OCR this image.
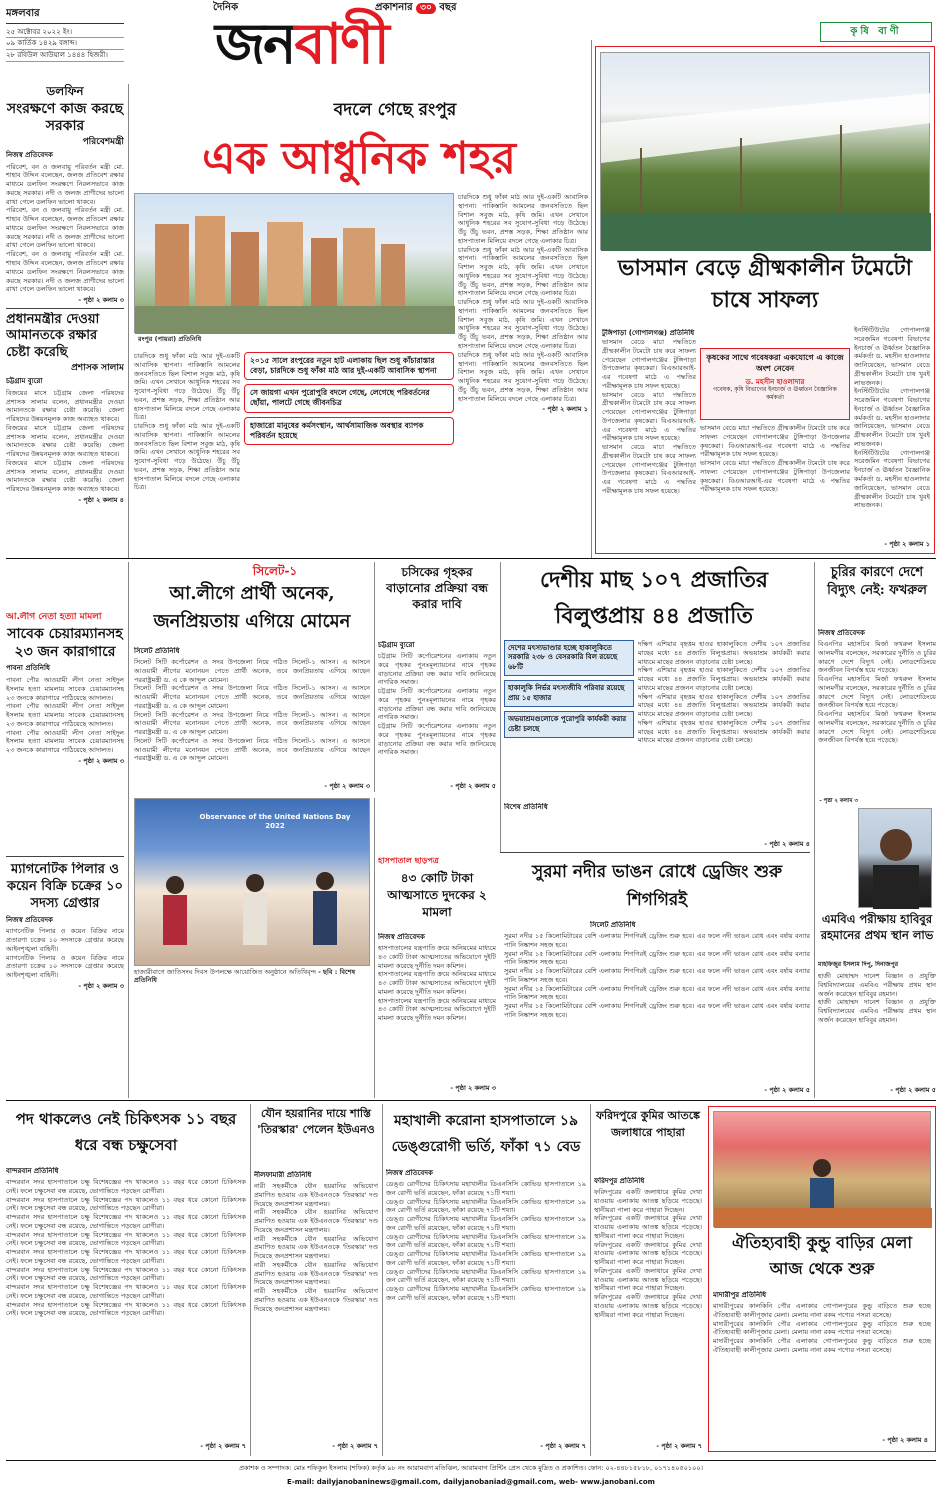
মঙ্গলবার
২৫ অক্টোবর ২০২২ ইং।
০৯ কার্তিক ১৪২৯ বঙ্গাব্দ।
২৮ রবিউল আউয়াল ১৪৪৪ হিজরী।
দৈনিক	প্রকাশনার ৩০ বছর
জনবাণী	কৃষি বাণী
ডলফিন
সংরক্ষণে কাজ করছে সরকার
পরিবেশমন্ত্রী
নিজস্ব প্রতিবেদক

পরিবেশ, বন ও জলবায়ু পরিবর্তন মন্ত্রী মো. শাহাব উদ্দিন বলেছেন, জলজ প্রতিবেশ রক্ষার মাধ্যমে ডলফিন সংরক্ষণে নিরলসভাবে কাজ করছে সরকার। নদী ও জলজ প্রাণীদের ভালো রাখা গেলে ডলফিন ভালো থাকবে।

পরিবেশ, বন ও জলবায়ু পরিবর্তন মন্ত্রী মো. শাহাব উদ্দিন বলেছেন, জলজ প্রতিবেশ রক্ষার মাধ্যমে ডলফিন সংরক্ষণে নিরলসভাবে কাজ করছে সরকার। নদী ও জলজ প্রাণীদের ভালো রাখা গেলে ডলফিন ভালো থাকবে।

পরিবেশ, বন ও জলবায়ু পরিবর্তন মন্ত্রী মো. শাহাব উদ্দিন বলেছেন, জলজ প্রতিবেশ রক্ষার মাধ্যমে ডলফিন সংরক্ষণে নিরলসভাবে কাজ করছে সরকার। নদী ও জলজ প্রাণীদের ভালো রাখা গেলে ডলফিন ভালো থাকবে।

- পৃষ্ঠা ২ কলাম ৩
প্রধানমন্ত্রীর দেওয়া আমানতকে রক্ষার চেষ্টা করেছি
প্রশাসক সালাম
চট্টগ্রাম ব্যুরো

বিজয়ের মাসে চট্টগ্রাম জেলা পরিষদের প্রশাসক সালাম বলেন, প্রধানমন্ত্রীর দেওয়া আমানতকে রক্ষার চেষ্টা করেছি। জেলা পরিষদের উন্নয়নমূলক কাজ অব্যাহত থাকবে।

বিজয়ের মাসে চট্টগ্রাম জেলা পরিষদের প্রশাসক সালাম বলেন, প্রধানমন্ত্রীর দেওয়া আমানতকে রক্ষার চেষ্টা করেছি। জেলা পরিষদের উন্নয়নমূলক কাজ অব্যাহত থাকবে।

বিজয়ের মাসে চট্টগ্রাম জেলা পরিষদের প্রশাসক সালাম বলেন, প্রধানমন্ত্রীর দেওয়া আমানতকে রক্ষার চেষ্টা করেছি। জেলা পরিষদের উন্নয়নমূলক কাজ অব্যাহত থাকবে।

- পৃষ্ঠা ২ কলাম ৪
বদলে গেছে রংপুর
এক আধুনিক শহর
রংপুর (পায়রা) প্রতিনিধি
২০১৫ সালে রংপুরের নতুন হাট এলাকায় ছিল শুধু কাঁচারাস্তার বেড়া, চারদিকে শুধু ফাঁকা মাঠ আর দুই-একটি আবাসিক স্থাপনা
সে জায়গা এখন পুরোপুরি বদলে গেছে, লেগেছে পরিবর্তনের ছোঁয়া, পালটে গেছে জীবনচিত্র
হাজারো মানুষের কর্মসংস্থান, আর্থসামাজিক অবস্থার ব্যাপক পরিবর্তন হয়েছে

চারদিকে শুধু ফাঁকা মাঠ আর দুই-একটি আবাসিক স্থাপনা। পাকিস্তানি আমলের জনবসতিতে ছিল বিশাল সবুজ মাঠ, কৃষি জমি। এখন সেখানে আধুনিক শহরের সব সুযোগ-সুবিধা গড়ে উঠেছে। উঁচু উঁচু ভবন, প্রশস্ত সড়ক, শিক্ষা প্রতিষ্ঠান আর হাসপাতাল মিলিয়ে বদলে গেছে এলাকার চিত্র।

চারদিকে শুধু ফাঁকা মাঠ আর দুই-একটি আবাসিক স্থাপনা। পাকিস্তানি আমলের জনবসতিতে ছিল বিশাল সবুজ মাঠ, কৃষি জমি। এখন সেখানে আধুনিক শহরের সব সুযোগ-সুবিধা গড়ে উঠেছে। উঁচু উঁচু ভবন, প্রশস্ত সড়ক, শিক্ষা প্রতিষ্ঠান আর হাসপাতাল মিলিয়ে বদলে গেছে এলাকার চিত্র।

চারদিকে শুধু ফাঁকা মাঠ আর দুই-একটি আবাসিক স্থাপনা। পাকিস্তানি আমলের জনবসতিতে ছিল বিশাল সবুজ মাঠ, কৃষি জমি। এখন সেখানে আধুনিক শহরের সব সুযোগ-সুবিধা গড়ে উঠেছে। উঁচু উঁচু ভবন, প্রশস্ত সড়ক, শিক্ষা প্রতিষ্ঠান আর হাসপাতাল মিলিয়ে বদলে গেছে এলাকার চিত্র।

চারদিকে শুধু ফাঁকা মাঠ আর দুই-একটি আবাসিক স্থাপনা। পাকিস্তানি আমলের জনবসতিতে ছিল বিশাল সবুজ মাঠ, কৃষি জমি। এখন সেখানে আধুনিক শহরের সব সুযোগ-সুবিধা গড়ে উঠেছে। উঁচু উঁচু ভবন, প্রশস্ত সড়ক, শিক্ষা প্রতিষ্ঠান আর হাসপাতাল মিলিয়ে বদলে গেছে এলাকার চিত্র।

চারদিকে শুধু ফাঁকা মাঠ আর দুই-একটি আবাসিক স্থাপনা। পাকিস্তানি আমলের জনবসতিতে ছিল বিশাল সবুজ মাঠ, কৃষি জমি। এখন সেখানে আধুনিক শহরের সব সুযোগ-সুবিধা গড়ে উঠেছে। উঁচু উঁচু ভবন, প্রশস্ত সড়ক, শিক্ষা প্রতিষ্ঠান আর হাসপাতাল মিলিয়ে বদলে গেছে এলাকার চিত্র।

চারদিকে শুধু ফাঁকা মাঠ আর দুই-একটি আবাসিক স্থাপনা। পাকিস্তানি আমলের জনবসতিতে ছিল বিশাল সবুজ মাঠ, কৃষি জমি। এখন সেখানে আধুনিক শহরের সব সুযোগ-সুবিধা গড়ে উঠেছে। উঁচু উঁচু ভবন, প্রশস্ত সড়ক, শিক্ষা প্রতিষ্ঠান আর হাসপাতাল মিলিয়ে বদলে গেছে এলাকার চিত্র।

- পৃষ্ঠা ২ কলাম ১
ভাসমান বেড়ে গ্রীষ্মকালীন টমেটো চাষে সাফল্য
টুঙ্গিপাড়া (গোপালগঞ্জ) প্রতিনিধি
কৃষকের সাথে গবেষকরা একযোগে এ কাজে অংশ নেবেন
ড. মহসীন হাওলাদার
গবেষক, কৃষি বিভাগের ইনচার্জ ও ঊর্ধ্বতন বৈজ্ঞানিক কর্মকর্তা

ভাসমান বেডে মাচা পদ্ধতিতে গ্রীষ্মকালীন টমেটো চাষ করে সাফল্য পেয়েছেন গোপালগঞ্জের টুঙ্গিপাড়া উপজেলার কৃষকেরা। বিএআরআই-এর গবেষণা মাঠে এ পদ্ধতির পরীক্ষামূলক চাষ সফল হয়েছে।

ভাসমান বেডে মাচা পদ্ধতিতে গ্রীষ্মকালীন টমেটো চাষ করে সাফল্য পেয়েছেন গোপালগঞ্জের টুঙ্গিপাড়া উপজেলার কৃষকেরা। বিএআরআই-এর গবেষণা মাঠে এ পদ্ধতির পরীক্ষামূলক চাষ সফল হয়েছে।

ভাসমান বেডে মাচা পদ্ধতিতে গ্রীষ্মকালীন টমেটো চাষ করে সাফল্য পেয়েছেন গোপালগঞ্জের টুঙ্গিপাড়া উপজেলার কৃষকেরা। বিএআরআই-এর গবেষণা মাঠে এ পদ্ধতির পরীক্ষামূলক চাষ সফল হয়েছে।

ভাসমান বেডে মাচা পদ্ধতিতে গ্রীষ্মকালীন টমেটো চাষ করে সাফল্য পেয়েছেন গোপালগঞ্জের টুঙ্গিপাড়া উপজেলার কৃষকেরা। বিএআরআই-এর গবেষণা মাঠে এ পদ্ধতির পরীক্ষামূলক চাষ সফল হয়েছে।

ভাসমান বেডে মাচা পদ্ধতিতে গ্রীষ্মকালীন টমেটো চাষ করে সাফল্য পেয়েছেন গোপালগঞ্জের টুঙ্গিপাড়া উপজেলার কৃষকেরা। বিএআরআই-এর গবেষণা মাঠে এ পদ্ধতির পরীক্ষামূলক চাষ সফল হয়েছে।

ইনস্টিটিউটের গোপালগঞ্জ সরেজমিন গবেষণা বিভাগের ইনচার্জ ও ঊর্ধ্বতন বৈজ্ঞানিক কর্মকর্তা ড. মহসীন হাওলাদার জানিয়েছেন, ভাসমান বেডে গ্রীষ্মকালীন টমেটো চাষ খুবই লাভজনক।

ইনস্টিটিউটের গোপালগঞ্জ সরেজমিন গবেষণা বিভাগের ইনচার্জ ও ঊর্ধ্বতন বৈজ্ঞানিক কর্মকর্তা ড. মহসীন হাওলাদার জানিয়েছেন, ভাসমান বেডে গ্রীষ্মকালীন টমেটো চাষ খুবই লাভজনক।

ইনস্টিটিউটের গোপালগঞ্জ সরেজমিন গবেষণা বিভাগের ইনচার্জ ও ঊর্ধ্বতন বৈজ্ঞানিক কর্মকর্তা ড. মহসীন হাওলাদার জানিয়েছেন, ভাসমান বেডে গ্রীষ্মকালীন টমেটো চাষ খুবই লাভজনক।

- পৃষ্ঠা ২ কলাম ১
সিলেট-১
আ.লীগে প্রার্থী অনেক, জনপ্রিয়তায় এগিয়ে মোমেন
সিলেট প্রতিনিধি

সিলেট সিটি কর্পোরেশন ও সদর উপজেলা নিয়ে গঠিত সিলেট-১ আসন। এ আসনে আওয়ামী লীগের মনোনয়ন পেতে প্রার্থী অনেক, তবে জনপ্রিয়তায় এগিয়ে আছেন পররাষ্ট্রমন্ত্রী ড. এ কে আব্দুল মোমেন।

সিলেট সিটি কর্পোরেশন ও সদর উপজেলা নিয়ে গঠিত সিলেট-১ আসন। এ আসনে আওয়ামী লীগের মনোনয়ন পেতে প্রার্থী অনেক, তবে জনপ্রিয়তায় এগিয়ে আছেন পররাষ্ট্রমন্ত্রী ড. এ কে আব্দুল মোমেন।

সিলেট সিটি কর্পোরেশন ও সদর উপজেলা নিয়ে গঠিত সিলেট-১ আসন। এ আসনে আওয়ামী লীগের মনোনয়ন পেতে প্রার্থী অনেক, তবে জনপ্রিয়তায় এগিয়ে আছেন পররাষ্ট্রমন্ত্রী ড. এ কে আব্দুল মোমেন।

সিলেট সিটি কর্পোরেশন ও সদর উপজেলা নিয়ে গঠিত সিলেট-১ আসন। এ আসনে আওয়ামী লীগের মনোনয়ন পেতে প্রার্থী অনেক, তবে জনপ্রিয়তায় এগিয়ে আছেন পররাষ্ট্রমন্ত্রী ড. এ কে আব্দুল মোমেন।

- পৃষ্ঠা ২ কলাম ৩
চসিকের গৃহকর বাড়ানোর প্রক্রিয়া বন্ধ করার দাবি
চট্টগ্রাম ব্যুরো

চট্টগ্রাম সিটি কর্পোরেশনের এলাকায় নতুন করে গৃহকর পুনঃমূল্যায়নের নামে গৃহকর বাড়ানোর প্রক্রিয়া বন্ধ করার দাবি জানিয়েছে নাগরিক সমাজ।

চট্টগ্রাম সিটি কর্পোরেশনের এলাকায় নতুন করে গৃহকর পুনঃমূল্যায়নের নামে গৃহকর বাড়ানোর প্রক্রিয়া বন্ধ করার দাবি জানিয়েছে নাগরিক সমাজ।

চট্টগ্রাম সিটি কর্পোরেশনের এলাকায় নতুন করে গৃহকর পুনঃমূল্যায়নের নামে গৃহকর বাড়ানোর প্রক্রিয়া বন্ধ করার দাবি জানিয়েছে নাগরিক সমাজ।

- পৃষ্ঠা ২ কলাম ৫
আ.লীগ নেতা হত্যা মামলা
সাবেক চেয়ারম্যানসহ ২৩ জন কারাগারে
পাবনা প্রতিনিধি

পাবনা পৌর আওয়ামী লীগ নেতা সাইদুল ইসলাম হত্যা মামলায় সাবেক চেয়ারম্যানসহ ২৩ জনকে কারাগারে পাঠিয়েছে আদালত।

পাবনা পৌর আওয়ামী লীগ নেতা সাইদুল ইসলাম হত্যা মামলায় সাবেক চেয়ারম্যানসহ ২৩ জনকে কারাগারে পাঠিয়েছে আদালত।

পাবনা পৌর আওয়ামী লীগ নেতা সাইদুল ইসলাম হত্যা মামলায় সাবেক চেয়ারম্যানসহ ২৩ জনকে কারাগারে পাঠিয়েছে আদালত।

- পৃষ্ঠা ২ কলাম ৩
ম্যাগনেটিক পিলার ও কয়েন বিক্রি চক্রের ১০ সদস্য গ্রেপ্তার
নিজস্ব প্রতিবেদক

ম্যাগনেটিক পিলার ও কয়েন বিক্রির নামে প্রতারণা চক্রের ১০ সদস্যকে গ্রেপ্তার করেছে আইনশৃঙ্খলা বাহিনী।

ম্যাগনেটিক পিলার ও কয়েন বিক্রির নামে প্রতারণা চক্রের ১০ সদস্যকে গ্রেপ্তার করেছে আইনশৃঙ্খলা বাহিনী।

- পৃষ্ঠা ২ কলাম ৩
দেশীয় মাছ ১০৭ প্রজাতির বিলুপ্তপ্রায় ৪৪ প্রজাতি
দেশের মৎস্যভাণ্ডার হচ্ছে হাকালুকিতে সরকারি ২৩৮ ও বেসরকারি বিল রয়েছে ৬৮টি
হাকালুকি নির্ভর মৎস্যজীবি পরিবার রয়েছে প্রায় ১৫ হাজার
অভয়াশ্রমগুলোকে পুরোপুরি কার্যকরী করার চেষ্টা চলছে
বিশেষ প্রতিনিধি

দক্ষিণ এশিয়ার বৃহত্তম হাওর হাকালুকিতে দেশীয় ১০৭ প্রজাতির মাছের মধ্যে ৪৪ প্রজাতি বিলুপ্তপ্রায়। অভয়াশ্রম কার্যকরী করার মাধ্যমে মাছের প্রজনন বাড়ানোর চেষ্টা চলছে।

দক্ষিণ এশিয়ার বৃহত্তম হাওর হাকালুকিতে দেশীয় ১০৭ প্রজাতির মাছের মধ্যে ৪৪ প্রজাতি বিলুপ্তপ্রায়। অভয়াশ্রম কার্যকরী করার মাধ্যমে মাছের প্রজনন বাড়ানোর চেষ্টা চলছে।

দক্ষিণ এশিয়ার বৃহত্তম হাওর হাকালুকিতে দেশীয় ১০৭ প্রজাতির মাছের মধ্যে ৪৪ প্রজাতি বিলুপ্তপ্রায়। অভয়াশ্রম কার্যকরী করার মাধ্যমে মাছের প্রজনন বাড়ানোর চেষ্টা চলছে।

দক্ষিণ এশিয়ার বৃহত্তম হাওর হাকালুকিতে দেশীয় ১০৭ প্রজাতির মাছের মধ্যে ৪৪ প্রজাতি বিলুপ্তপ্রায়। অভয়াশ্রম কার্যকরী করার মাধ্যমে মাছের প্রজনন বাড়ানোর চেষ্টা চলছে।

- পৃষ্ঠা ২ কলাম ৪
চুরির কারণে দেশে বিদ্যুৎ নেই: ফখরুল
নিজস্ব প্রতিবেদক

বিএনপির মহাসচিব মির্জা ফখরুল ইসলাম আলমগীর বলেছেন, সরকারের দুর্নীতি ও চুরির কারণে দেশে বিদ্যুৎ নেই। লোডশেডিংয়ে জনজীবন বিপর্যস্ত হয়ে পড়েছে।

বিএনপির মহাসচিব মির্জা ফখরুল ইসলাম আলমগীর বলেছেন, সরকারের দুর্নীতি ও চুরির কারণে দেশে বিদ্যুৎ নেই। লোডশেডিংয়ে জনজীবন বিপর্যস্ত হয়ে পড়েছে।

বিএনপির মহাসচিব মির্জা ফখরুল ইসলাম আলমগীর বলেছেন, সরকারের দুর্নীতি ও চুরির কারণে দেশে বিদ্যুৎ নেই। লোডশেডিংয়ে জনজীবন বিপর্যস্ত হয়ে পড়েছে।

- পৃষ্ঠা ২ কলাম ৩
Observance of the United Nations Day 2022
হাজারীবাগে জাতিসংঘ দিবস উপলক্ষে আয়োজিত অনুষ্ঠানে অতিথিবৃন্দ - ছবি : বিশেষ প্রতিনিধি
হাসপাতাল ছাড়পত্র
৪৩ কোটি টাকা আত্মসাতে দুদকের ২ মামলা
নিজস্ব প্রতিবেদক

হাসপাতালের যন্ত্রপাতি ক্রয়ে অনিয়মের মাধ্যমে ৪৩ কোটি টাকা আত্মসাতের অভিযোগে দুইটি মামলা করেছে দুর্নীতি দমন কমিশন।

হাসপাতালের যন্ত্রপাতি ক্রয়ে অনিয়মের মাধ্যমে ৪৩ কোটি টাকা আত্মসাতের অভিযোগে দুইটি মামলা করেছে দুর্নীতি দমন কমিশন।

হাসপাতালের যন্ত্রপাতি ক্রয়ে অনিয়মের মাধ্যমে ৪৩ কোটি টাকা আত্মসাতের অভিযোগে দুইটি মামলা করেছে দুর্নীতি দমন কমিশন।

- পৃষ্ঠা ২ কলাম ৩
সুরমা নদীর ভাঙন রোধে ড্রেজিং শুরু শিগগিরই
সিলেট প্রতিনিধি

সুরমা নদীর ১৫ কিলোমিটারের বেশি এলাকায় শিগগিরই ড্রেজিং শুরু হবে। এর ফলে নদী ভাঙন রোধ এবং বর্ষায় বন্যার পানি নিষ্কাশন সহজ হবে।

সুরমা নদীর ১৫ কিলোমিটারের বেশি এলাকায় শিগগিরই ড্রেজিং শুরু হবে। এর ফলে নদী ভাঙন রোধ এবং বর্ষায় বন্যার পানি নিষ্কাশন সহজ হবে।

সুরমা নদীর ১৫ কিলোমিটারের বেশি এলাকায় শিগগিরই ড্রেজিং শুরু হবে। এর ফলে নদী ভাঙন রোধ এবং বর্ষায় বন্যার পানি নিষ্কাশন সহজ হবে।

সুরমা নদীর ১৫ কিলোমিটারের বেশি এলাকায় শিগগিরই ড্রেজিং শুরু হবে। এর ফলে নদী ভাঙন রোধ এবং বর্ষায় বন্যার পানি নিষ্কাশন সহজ হবে।

সুরমা নদীর ১৫ কিলোমিটারের বেশি এলাকায় শিগগিরই ড্রেজিং শুরু হবে। এর ফলে নদী ভাঙন রোধ এবং বর্ষায় বন্যার পানি নিষ্কাশন সহজ হবে।

- পৃষ্ঠা ২ কলাম ৫
এমবিএ পরীক্ষায় হাবিবুর রহমানের প্রথম স্থান লাভ
মাহফিজুর ইসলাম দিপু, দিনাজপুর

হাজী মোহাম্মদ দানেশ বিজ্ঞান ও প্রযুক্তি বিশ্ববিদ্যালয়ের এমবিএ পরীক্ষায় প্রথম স্থান অর্জন করেছেন হাবিবুর রহমান।

হাজী মোহাম্মদ দানেশ বিজ্ঞান ও প্রযুক্তি বিশ্ববিদ্যালয়ের এমবিএ পরীক্ষায় প্রথম স্থান অর্জন করেছেন হাবিবুর রহমান।

- পৃষ্ঠা ২ কলাম ৫
পদ থাকলেও নেই চিকিৎসক ১১ বছর ধরে বন্ধ চক্ষুসেবা
বান্দরবান প্রতিনিধি

বান্দরবান সদর হাসপাতালে চক্ষু বিশেষজ্ঞের পদ থাকলেও ১১ বছর ধরে কোনো চিকিৎসক নেই। ফলে চক্ষুসেবা বন্ধ রয়েছে, ভোগান্তিতে পড়ছেন রোগীরা।

বান্দরবান সদর হাসপাতালে চক্ষু বিশেষজ্ঞের পদ থাকলেও ১১ বছর ধরে কোনো চিকিৎসক নেই। ফলে চক্ষুসেবা বন্ধ রয়েছে, ভোগান্তিতে পড়ছেন রোগীরা।

বান্দরবান সদর হাসপাতালে চক্ষু বিশেষজ্ঞের পদ থাকলেও ১১ বছর ধরে কোনো চিকিৎসক নেই। ফলে চক্ষুসেবা বন্ধ রয়েছে, ভোগান্তিতে পড়ছেন রোগীরা।

বান্দরবান সদর হাসপাতালে চক্ষু বিশেষজ্ঞের পদ থাকলেও ১১ বছর ধরে কোনো চিকিৎসক নেই। ফলে চক্ষুসেবা বন্ধ রয়েছে, ভোগান্তিতে পড়ছেন রোগীরা।

বান্দরবান সদর হাসপাতালে চক্ষু বিশেষজ্ঞের পদ থাকলেও ১১ বছর ধরে কোনো চিকিৎসক নেই। ফলে চক্ষুসেবা বন্ধ রয়েছে, ভোগান্তিতে পড়ছেন রোগীরা।

বান্দরবান সদর হাসপাতালে চক্ষু বিশেষজ্ঞের পদ থাকলেও ১১ বছর ধরে কোনো চিকিৎসক নেই। ফলে চক্ষুসেবা বন্ধ রয়েছে, ভোগান্তিতে পড়ছেন রোগীরা।

বান্দরবান সদর হাসপাতালে চক্ষু বিশেষজ্ঞের পদ থাকলেও ১১ বছর ধরে কোনো চিকিৎসক নেই। ফলে চক্ষুসেবা বন্ধ রয়েছে, ভোগান্তিতে পড়ছেন রোগীরা।

বান্দরবান সদর হাসপাতালে চক্ষু বিশেষজ্ঞের পদ থাকলেও ১১ বছর ধরে কোনো চিকিৎসক নেই। ফলে চক্ষুসেবা বন্ধ রয়েছে, ভোগান্তিতে পড়ছেন রোগীরা।

- পৃষ্ঠা ২ কলাম ৭
যৌন হয়রানির দায়ে শাস্তি 'তিরস্কার' পেলেন ইউএনও
নীলফামারী প্রতিনিধি

নারী সহকর্মীকে যৌন হয়রানির অভিযোগ প্রমাণিত হওয়ায় এক ইউএনওকে 'তিরস্কার' দণ্ড দিয়েছে জনপ্রশাসন মন্ত্রণালয়।

নারী সহকর্মীকে যৌন হয়রানির অভিযোগ প্রমাণিত হওয়ায় এক ইউএনওকে 'তিরস্কার' দণ্ড দিয়েছে জনপ্রশাসন মন্ত্রণালয়।

নারী সহকর্মীকে যৌন হয়রানির অভিযোগ প্রমাণিত হওয়ায় এক ইউএনওকে 'তিরস্কার' দণ্ড দিয়েছে জনপ্রশাসন মন্ত্রণালয়।

নারী সহকর্মীকে যৌন হয়রানির অভিযোগ প্রমাণিত হওয়ায় এক ইউএনওকে 'তিরস্কার' দণ্ড দিয়েছে জনপ্রশাসন মন্ত্রণালয়।

নারী সহকর্মীকে যৌন হয়রানির অভিযোগ প্রমাণিত হওয়ায় এক ইউএনওকে 'তিরস্কার' দণ্ড দিয়েছে জনপ্রশাসন মন্ত্রণালয়।

- পৃষ্ঠা ২ কলাম ৭
মহাখালী করোনা হাসপাতালে ১৯ ডেঙ্গুরোগী ভর্তি, ফাঁকা ৭১ বেড
নিজস্ব প্রতিবেদক

ডেঙ্গু রোগীদের চিকিৎসায় মহাখালীর ডিএনসিসি কোভিড হাসপাতালে ১৯ জন রোগী ভর্তি রয়েছেন, ফাঁকা রয়েছে ৭১টি শয্যা।

ডেঙ্গু রোগীদের চিকিৎসায় মহাখালীর ডিএনসিসি কোভিড হাসপাতালে ১৯ জন রোগী ভর্তি রয়েছেন, ফাঁকা রয়েছে ৭১টি শয্যা।

ডেঙ্গু রোগীদের চিকিৎসায় মহাখালীর ডিএনসিসি কোভিড হাসপাতালে ১৯ জন রোগী ভর্তি রয়েছেন, ফাঁকা রয়েছে ৭১টি শয্যা।

ডেঙ্গু রোগীদের চিকিৎসায় মহাখালীর ডিএনসিসি কোভিড হাসপাতালে ১৯ জন রোগী ভর্তি রয়েছেন, ফাঁকা রয়েছে ৭১টি শয্যা।

ডেঙ্গু রোগীদের চিকিৎসায় মহাখালীর ডিএনসিসি কোভিড হাসপাতালে ১৯ জন রোগী ভর্তি রয়েছেন, ফাঁকা রয়েছে ৭১টি শয্যা।

ডেঙ্গু রোগীদের চিকিৎসায় মহাখালীর ডিএনসিসি কোভিড হাসপাতালে ১৯ জন রোগী ভর্তি রয়েছেন, ফাঁকা রয়েছে ৭১টি শয্যা।

ডেঙ্গু রোগীদের চিকিৎসায় মহাখালীর ডিএনসিসি কোভিড হাসপাতালে ১৯ জন রোগী ভর্তি রয়েছেন, ফাঁকা রয়েছে ৭১টি শয্যা।

- পৃষ্ঠা ২ কলাম ৭
ফরিদপুরে কুমির আতঙ্কে জলাধারে পাহারা
ফরিদপুর প্রতিনিধি

ফরিদপুরের একটি জলাধারে কুমির দেখা যাওয়ায় এলাকায় আতঙ্ক ছড়িয়ে পড়েছে। স্থানীয়রা পালা করে পাহারা দিচ্ছেন।

ফরিদপুরের একটি জলাধারে কুমির দেখা যাওয়ায় এলাকায় আতঙ্ক ছড়িয়ে পড়েছে। স্থানীয়রা পালা করে পাহারা দিচ্ছেন।

ফরিদপুরের একটি জলাধারে কুমির দেখা যাওয়ায় এলাকায় আতঙ্ক ছড়িয়ে পড়েছে। স্থানীয়রা পালা করে পাহারা দিচ্ছেন।

ফরিদপুরের একটি জলাধারে কুমির দেখা যাওয়ায় এলাকায় আতঙ্ক ছড়িয়ে পড়েছে। স্থানীয়রা পালা করে পাহারা দিচ্ছেন।

ফরিদপুরের একটি জলাধারে কুমির দেখা যাওয়ায় এলাকায় আতঙ্ক ছড়িয়ে পড়েছে। স্থানীয়রা পালা করে পাহারা দিচ্ছেন।

- পৃষ্ঠা ২ কলাম ৭
ঐতিহ্যবাহী কুন্ডু বাড়ির মেলা আজ থেকে শুরু
মাদারীপুর প্রতিনিধি

মাদারীপুরের কালকিনি পৌর এলাকার গোপালপুরের কুন্ডু বাড়িতে শুরু হচ্ছে ঐতিহ্যবাহী কালীপূজার মেলা। মেলায় নানা রকম পণ্যের পসরা বসেছে।

মাদারীপুরের কালকিনি পৌর এলাকার গোপালপুরের কুন্ডু বাড়িতে শুরু হচ্ছে ঐতিহ্যবাহী কালীপূজার মেলা। মেলায় নানা রকম পণ্যের পসরা বসেছে।

মাদারীপুরের কালকিনি পৌর এলাকার গোপালপুরের কুন্ডু বাড়িতে শুরু হচ্ছে ঐতিহ্যবাহী কালীপূজার মেলা। মেলায় নানা রকম পণ্যের পসরা বসেছে।

- পৃষ্ঠা ২ কলাম ৪
প্রকাশক ও সম্পাদক: মোঃ শফিকুল ইসলাম (শফিক) কর্তৃক ৯৮ নং আরামবাগ মতিঝিল, আরামবাগ প্রিন্টিং প্রেস থেকে মুদ্রিত ও প্রকাশিত। ফোন: ০২-৪৪৮১৫৮১৮, ০১৭১৪০৫০১০০।
E-mail: dailyjanobaninews@gmail.com, dailyjanobaniad@gmail.com, web- www.janobani.com
